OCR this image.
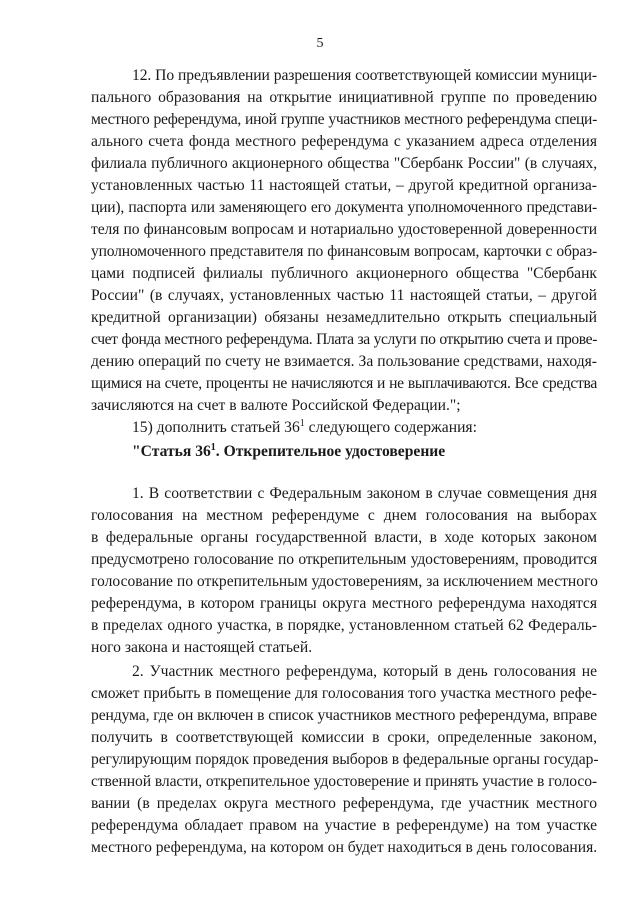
5
12. По предъявлении разрешения соответствующей комиссии муници-
пального образования на открытие инициативной группе по проведению
местного референдума, иной группе участников местного референдума специ-
ального счета фонда местного референдума с указанием адреса отделения
филиала публичного акционерного общества "Сбербанк России" (в случаях,
установленных частью 11 настоящей статьи, – другой кредитной организа-
ции), паспорта или заменяющего его документа уполномоченного представи-
теля по финансовым вопросам и нотариально удостоверенной доверенности
уполномоченного представителя по финансовым вопросам, карточки с образ-
цами подписей филиалы публичного акционерного общества "Сбербанк
России" (в случаях, установленных частью 11 настоящей статьи, – другой
кредитной организации) обязаны незамедлительно открыть специальный
счет фонда местного референдума. Плата за услуги по открытию счета и прове-
дению операций по счету не взимается. За пользование средствами, находя-
щимися на счете, проценты не начисляются и не выплачиваются. Все средства
зачисляются на счет в валюте Российской Федерации.";
15) дополнить статьей $36^1$ следующего содержания:
"Статья $36^1$. Открепительное удостоверение
1. В соответствии с Федеральным законом в случае совмещения дня
голосования на местном референдуме с днем голосования на выборах
в федеральные органы государственной власти, в ходе которых законом
предусмотрено голосование по открепительным удостоверениям, проводится
голосование по открепительным удостоверениям, за исключением местного
референдума, в котором границы округа местного референдума находятся
в пределах одного участка, в порядке, установленном статьей 62 Федераль-
ного закона и настоящей статьей.
2. Участник местного референдума, который в день голосования не
сможет прибыть в помещение для голосования того участка местного рефе-
рендума, где он включен в список участников местного референдума, вправе
получить в соответствующей комиссии в сроки, определенные законом,
регулирующим порядок проведения выборов в федеральные органы государ-
ственной власти, открепительное удостоверение и принять участие в голосо-
вании (в пределах округа местного референдума, где участник местного
референдума обладает правом на участие в референдуме) на том участке
местного референдума, на котором он будет находиться в день голосования.
